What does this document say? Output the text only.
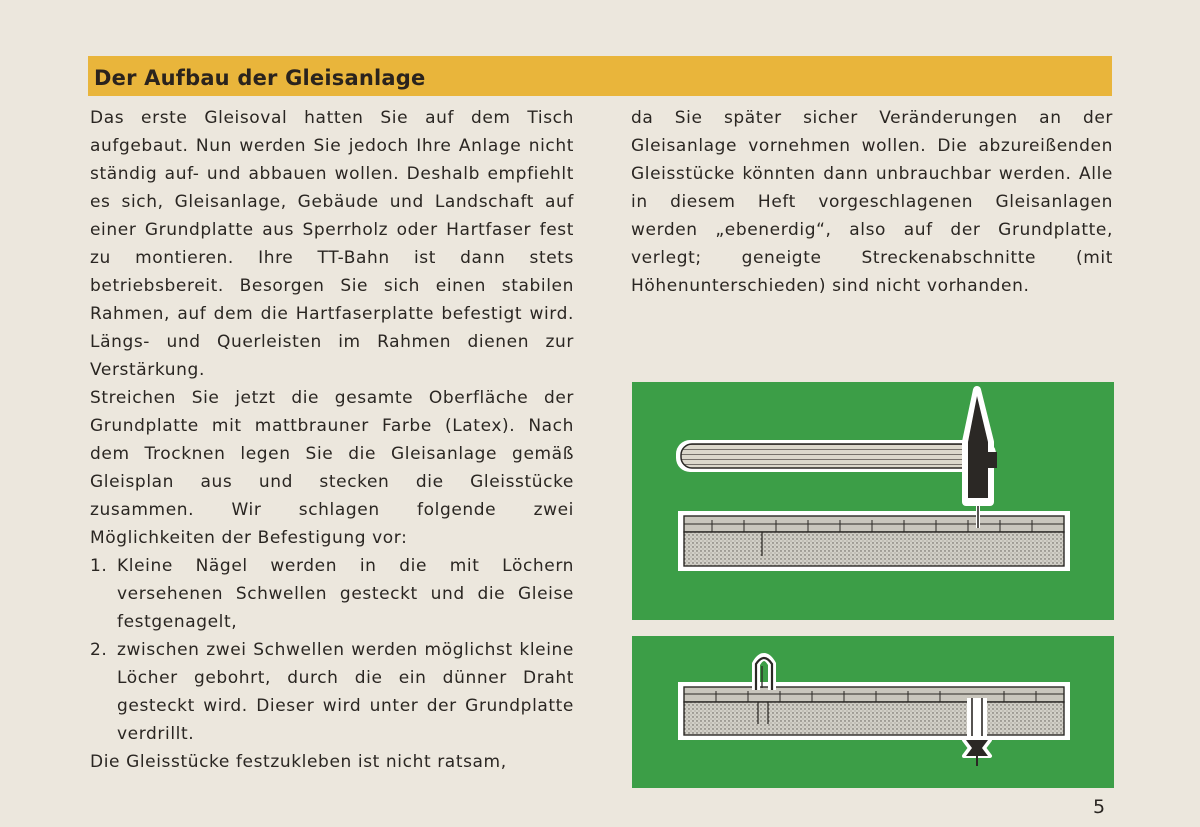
Der Aufbau der Gleisanlage

Das erste Gleisoval hatten Sie auf dem Tisch aufgebaut. Nun werden Sie jedoch Ihre Anlage nicht ständig auf- und abbauen wollen. Deshalb empfiehlt es sich, Gleisanlage, Gebäude und Landschaft auf einer Grundplatte aus Sperrholz oder Hartfaser fest zu montieren. Ihre TT-Bahn ist dann stets betriebsbereit. Besorgen Sie sich einen stabilen Rahmen, auf dem die Hartfaserplatte befestigt wird. Längs- und Querleisten im Rahmen dienen zur Verstärkung.

Streichen Sie jetzt die gesamte Oberfläche der Grundplatte mit mattbrauner Farbe (Latex). Nach dem Trocknen legen Sie die Gleisanlage gemäß Gleisplan aus und stecken die Gleisstücke zusammen. Wir schlagen folgende zwei Möglichkeiten der Befestigung vor:

1. Kleine Nägel werden in die mit Löchern versehenen Schwellen gesteckt und die Gleise festgenagelt,
2. zwischen zwei Schwellen werden möglichst kleine Löcher gebohrt, durch die ein dünner Draht gesteckt wird. Dieser wird unter der Grundplatte verdrillt.

Die Gleisstücke festzukleben ist nicht ratsam,

da Sie später sicher Veränderungen an der Gleisanlage vornehmen wollen. Die abzureißenden Gleisstücke könnten dann unbrauchbar werden. Alle in diesem Heft vorgeschlagenen Gleisanlagen werden „ebenerdig“, also auf der Grundplatte, verlegt; geneigte Streckenabschnitte (mit Höhenunterschieden) sind nicht vorhanden.

5
